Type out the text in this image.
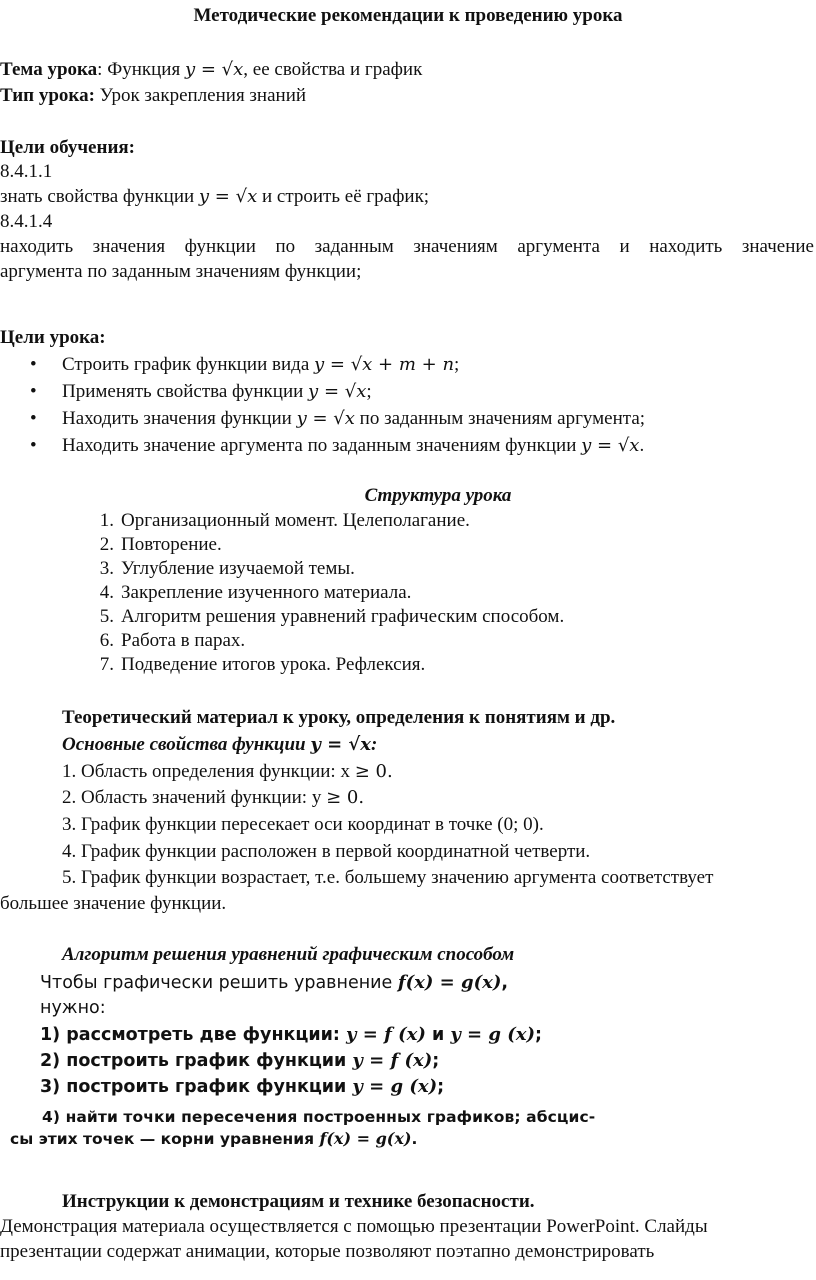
Методические рекомендации к проведению урока
Тема урока: Функция y = √x, ее свойства и график
Тип урока: Урок закрепления знаний
Цели обучения:
8.4.1.1
знать свойства функции y = √x и строить её график;
8.4.1.4
находить значения функции по заданным значениям аргумента и находить значение
аргумента по заданным значениям функции;
Цели урока:
• Строить график функции вида y = √x + m + n;
• Применять свойства функции y = √x;
• Находить значения функции y = √x по заданным значениям аргумента;
• Находить значение аргумента по заданным значениям функции y = √x.
Структура урока
1. Организационный момент. Целеполагание.
2. Повторение.
3. Углубление изучаемой темы.
4. Закрепление изученного материала.
5. Алгоритм решения уравнений графическим способом.
6. Работа в парах.
7. Подведение итогов урока. Рефлексия.
Теоретический материал к уроку, определения к понятиям и др.
Основные свойства функции y = √x:
1. Область определения функции: x ≥ 0.
2. Область значений функции: y ≥ 0.
3. График функции пересекает оси координат в точке (0; 0).
4. График функции расположен в первой координатной четверти.
5. График функции возрастает, т.е. большему значению аргумента соответствует
большее значение функции.
Алгоритм решения уравнений графическим способом
Чтобы графически решить уравнение f(x) = g(x),
нужно:
1) рассмотреть две функции: y = f (x) и y = g (x);
2) построить график функции y = f (x);
3) построить график функции y = g (x);
4) найти точки пересечения построенных графиков; абсцис-
сы этих точек — корни уравнения f(x) = g(x).
Инструкции к демонстрациям и технике безопасности.
Демонстрация материала осуществляется с помощью презентации PowerPoint. Слайды
презентации содержат анимации, которые позволяют поэтапно демонстрировать
